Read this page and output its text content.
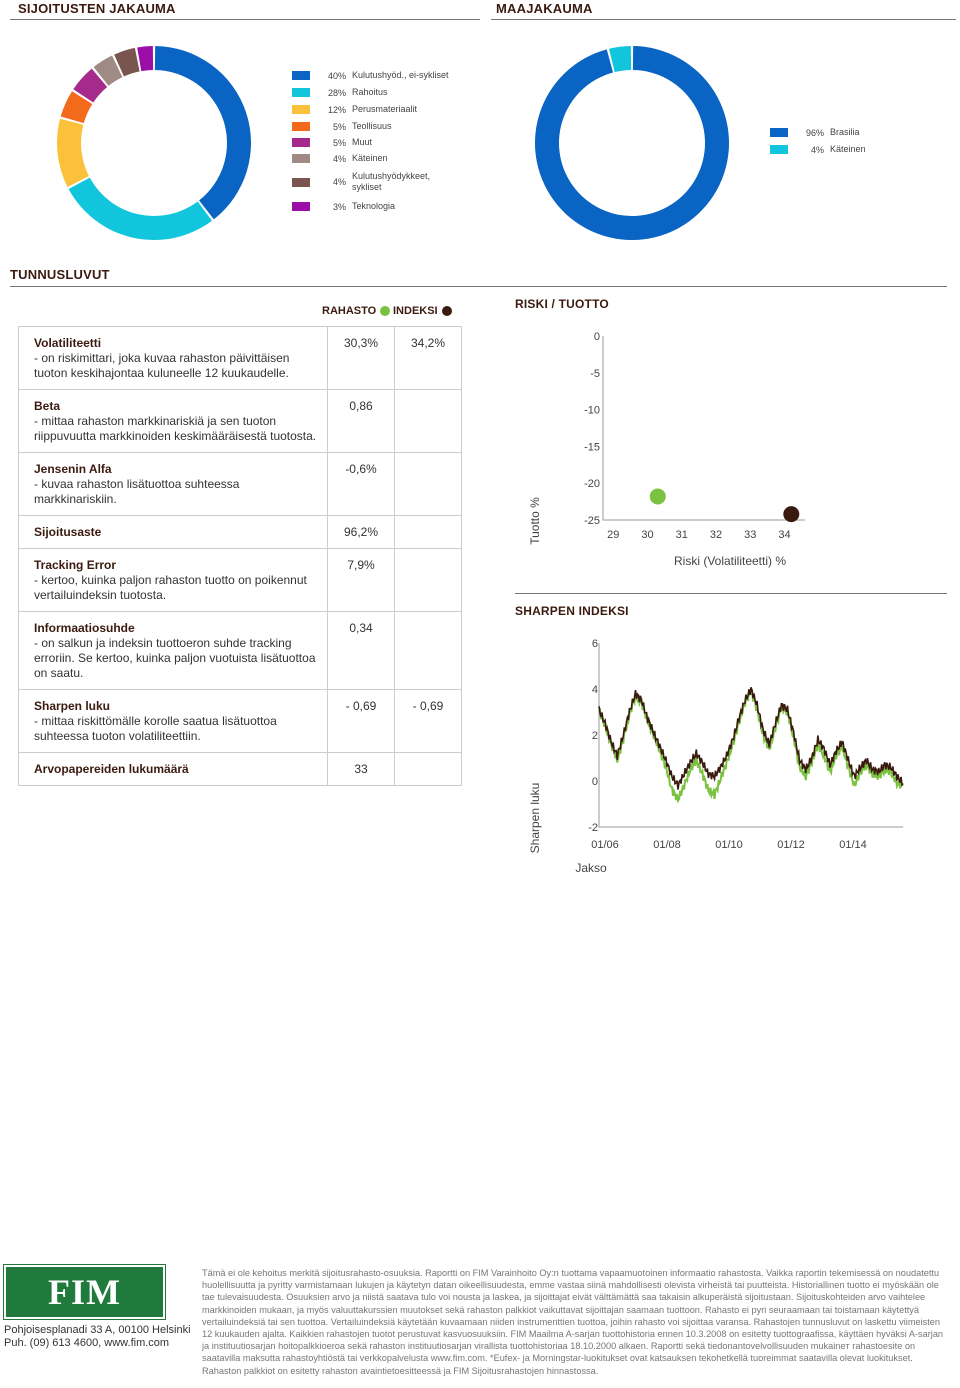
SIJOITUSTEN JAKAUMA	MAAJAKAUMA
40% Kulutushyöd., ei-sykliset
28% Rahoitus
12% Perusmateriaalit
5% Teollisuus
5% Muut
4% Käteinen
4%
Kulutushyödykkeet, sykliset
3% Teknologia
96% Brasilia
4% Käteinen
TUNNUSLUVUT
RAHASTO INDEKSI
Volatiliteetti
- on riskimittari, joka kuvaa rahaston päivittäisen tuoton keskihajontaa kuluneelle 12 kuukaudelle.	30,3%	34,2%

Beta
- mittaa rahaston markkinariskiä ja sen tuoton riippuvuutta markkinoiden keskimääräisestä tuotosta.	0,86	

Jensenin Alfa
- kuvaa rahaston lisätuottoa suhteessa markkinariskiin.	-0,6%	

Sijoitusaste	96,2%	

Tracking Error
- kertoo, kuinka paljon rahaston tuotto on poikennut vertailuindeksin tuotosta.	7,9%	

Informaatiosuhde
- on salkun ja indeksin tuottoeron suhde tracking erroriin. Se kertoo, kuinka paljon vuotuista lisätuottoa on saatu.	0,34	

Sharpen luku
- mittaa riskittömälle korolle saatua lisätuottoa suhteessa tuoton volatiliteettiin.	- 0,69	- 0,69

Arvopapereiden lukumäärä	33	
RISKI / TUOTTO
0
-5
-10
-15
-20
-25
29 30 31 32 33 34
Tuotto %
Riski (Volatiliteetti) %
SHARPEN INDEKSI
6
4
2
0
-2
01/06	01/08	01/10	01/12	01/14
Sharpen luku
Jakso
FIM
Pohjoisesplanadi 33 A, 00100 Helsinki
Puh. (09) 613 4600, www.fim.com
Tämä ei ole kehoitus merkitä sijoitusrahasto-osuuksia. Raportti on FIM Varainhoito Oy:n tuottama vapaamuotoinen informaatio rahastosta. Vaikka raportin tekemisessä on noudatettu huolellisuutta ja pyritty varmistamaan lukujen ja käytetyn datan oikeellisuudesta, emme vastaa siinä mahdollisesti olevista virheistä tai puutteista. Historiallinen tuotto ei myöskään ole tae tulevaisuudesta. Osuuksien arvo ja niistä saatava tulo voi nousta ja laskea, ja sijoittajat eivät välttämättä saa takaisin alkuperäistä sijoitustaan. Sijoituskohteiden arvo vaihtelee markkinoiden mukaan, ja myös valuuttakurssien muutokset sekä rahaston palkkiot vaikuttavat sijoittajan saamaan tuottoon. Rahasto ei pyri seuraamaan tai toistamaan käytettyä vertailuindeksiä tai sen tuottoa. Vertailuindeksiä käytetään kuvaamaan niiden instrumenttien tuottoa, joihin rahasto voi sijoittaa varansa. Rahastojen tunnusluvut on laskettu viimeisten 12 kuukauden ajalta. Kaikkien rahastojen tuotot perustuvat kasvuosuuksiin. FIM Maailma A-sarjan tuottohistoria ennen 10.3.2008 on esitetty tuottograafissa, käyttäen hyväksi A-sarjan ja instituutiosarjan hoitopalkkioerоа sekä rahaston instituutiosarjan virallista tuottohistoriaa 18.10.2000 alkaen. Raportti sekä tiedonantovelvollisuuden mukaineт rahastoesite on saatavilla maksutta rahastoyhtiöstä tai verkkopalvelusta www.fim.com. *Eufex- ja Morningstar-luokitukset ovat katsauksen tekohetkellä tuoreimmat saatavilla olevat luokitukset. Rahaston palkkiot on esitetty rahaston avaintietoesitteessä ja FIM Sijoitusrahastojen hinnastossa.
